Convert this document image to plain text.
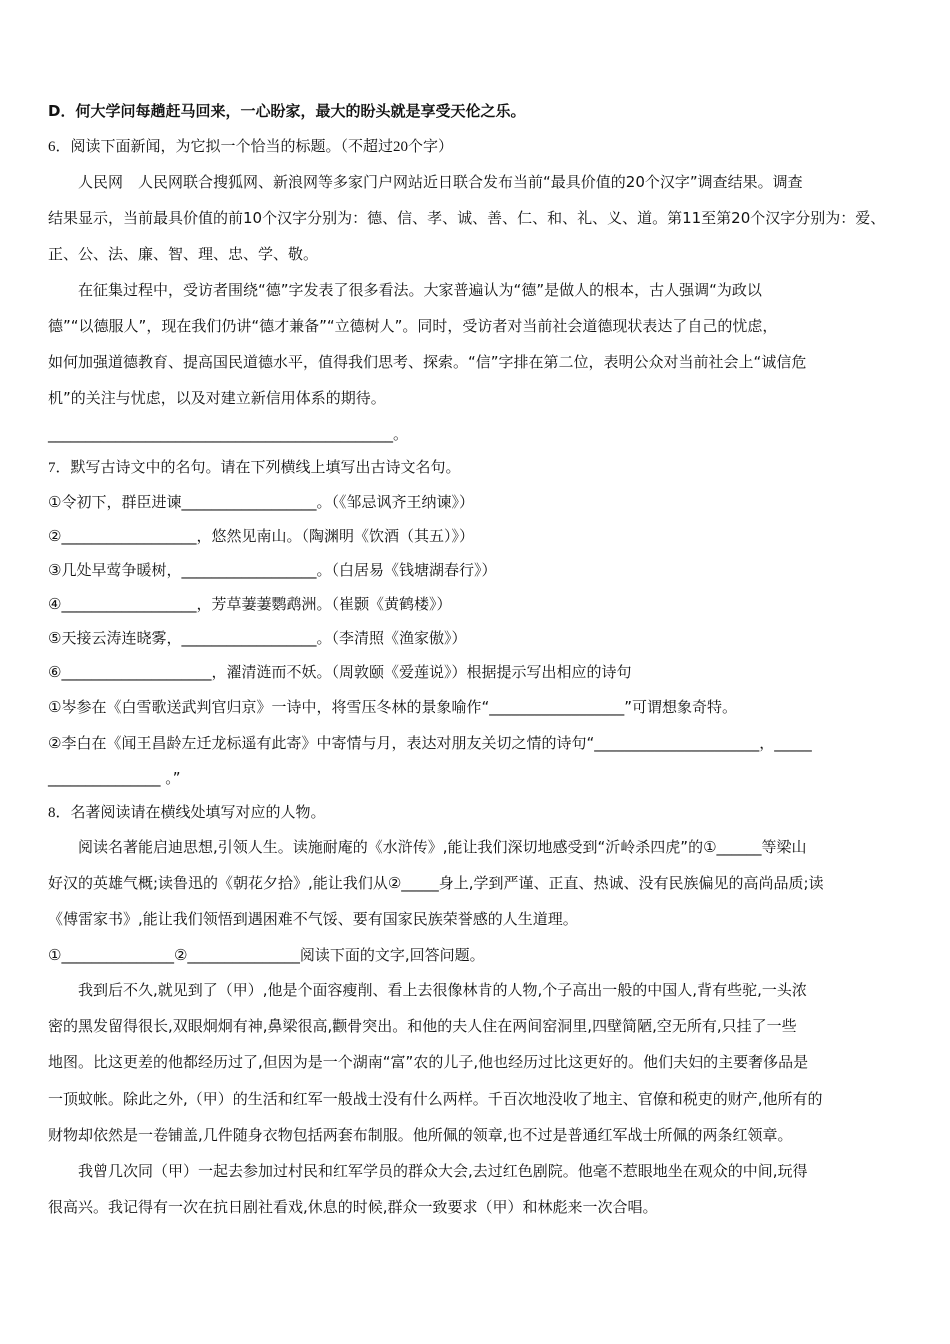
D．何大学问每趟赶马回来，一心盼家，最大的盼头就是享受天伦之乐。
6．阅读下面新闻，为它拟一个恰当的标题。（不超过20个字）
人民网　人民网联合搜狐网、新浪网等多家门户网站近日联合发布当前“最具价值的20个汉字”调查结果。调查
结果显示，当前最具价值的前10个汉字分别为：德、信、孝、诚、善、仁、和、礼、义、道。第11至第20个汉字分别为：爱、
正、公、法、廉、智、理、忠、学、敬。
在征集过程中，受访者围绕“德”字发表了很多看法。大家普遍认为“德”是做人的根本，古人强调“为政以
德”“以德服人”，现在我们仍讲“德才兼备”“立德树人”。同时，受访者对当前社会道德现状表达了自己的忧虑，
如何加强道德教育、提高国民道德水平，值得我们思考、探索。“信”字排在第二位，表明公众对当前社会上“诚信危
机”的关注与忧虑，以及对建立新信用体系的期待。
______________________________________________。
7．默写古诗文中的名句。请在下列横线上填写出古诗文名句。
①令初下，群臣进谏__________________。（《邹忌讽齐王纳谏》）
②__________________，悠然见南山。（陶渊明《饮酒（其五）》）
③几处早莺争暖树，__________________。（白居易《钱塘湖春行》）
④__________________，芳草萋萋鹦鹉洲。（崔颢《黄鹤楼》）
⑤天接云涛连晓雾，__________________。（李清照《渔家傲》）
⑥____________________，濯清涟而不妖。（周敦颐《爱莲说》）根据提示写出相应的诗句
①岑参在《白雪歌送武判官归京》一诗中，将雪压冬林的景象喻作“__________________”可谓想象奇特。
②李白在《闻王昌龄左迁龙标遥有此寄》中寄情与月，表达对朋友关切之情的诗句“______________________，_____
_______________ 。”
8．名著阅读请在横线处填写对应的人物。
阅读名著能启迪思想,引领人生。读施耐庵的《水浒传》,能让我们深切地感受到“沂岭杀四虎”的①______等梁山
好汉的英雄气概;读鲁迅的《朝花夕拾》,能让我们从②_____身上,学到严谨、正直、热诚、没有民族偏见的高尚品质;读
《傅雷家书》,能让我们领悟到遇困难不气馁、要有国家民族荣誉感的人生道理。
①_______________②_______________阅读下面的文字,回答问题。
我到后不久,就见到了（甲）,他是个面容瘦削、看上去很像林肯的人物,个子高出一般的中国人,背有些驼,一头浓
密的黑发留得很长,双眼炯炯有神,鼻梁很高,颧骨突出。和他的夫人住在两间窑洞里,四壁简陋,空无所有,只挂了一些
地图。比这更差的他都经历过了,但因为是一个湖南“富”农的儿子,他也经历过比这更好的。他们夫妇的主要奢侈品是
一顶蚊帐。除此之外,（甲）的生活和红军一般战士没有什么两样。千百次地没收了地主、官僚和税吏的财产,他所有的
财物却依然是一卷铺盖,几件随身衣物包括两套布制服。他所佩的领章,也不过是普通红军战士所佩的两条红领章。
我曾几次同（甲）一起去参加过村民和红军学员的群众大会,去过红色剧院。他毫不惹眼地坐在观众的中间,玩得
很高兴。我记得有一次在抗日剧社看戏,休息的时候,群众一致要求（甲）和林彪来一次合唱。
